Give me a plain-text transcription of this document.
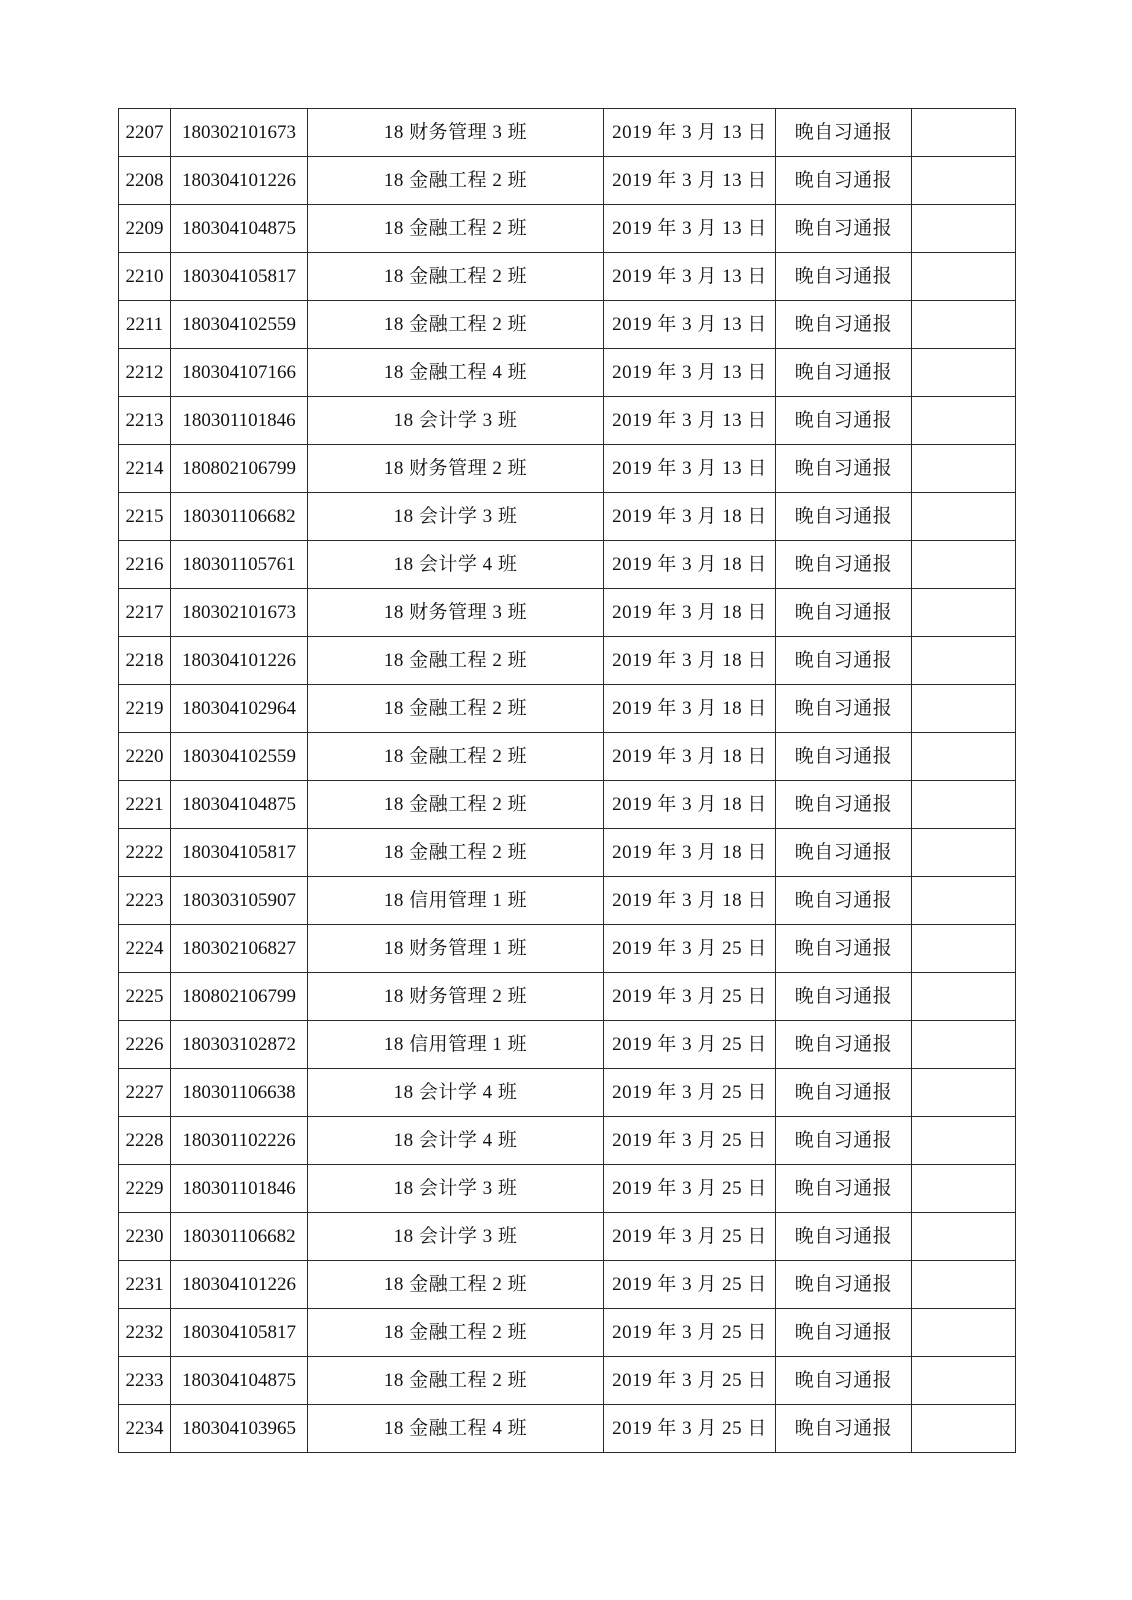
2207	180302101673	18 财务管理 3 班	2019 年 3 月 13 日	晚自习通报	
2208	180304101226	18 金融工程 2 班	2019 年 3 月 13 日	晚自习通报	
2209	180304104875	18 金融工程 2 班	2019 年 3 月 13 日	晚自习通报	
2210	180304105817	18 金融工程 2 班	2019 年 3 月 13 日	晚自习通报	
2211	180304102559	18 金融工程 2 班	2019 年 3 月 13 日	晚自习通报	
2212	180304107166	18 金融工程 4 班	2019 年 3 月 13 日	晚自习通报	
2213	180301101846	18 会计学 3 班	2019 年 3 月 13 日	晚自习通报	
2214	180802106799	18 财务管理 2 班	2019 年 3 月 13 日	晚自习通报	
2215	180301106682	18 会计学 3 班	2019 年 3 月 18 日	晚自习通报	
2216	180301105761	18 会计学 4 班	2019 年 3 月 18 日	晚自习通报	
2217	180302101673	18 财务管理 3 班	2019 年 3 月 18 日	晚自习通报	
2218	180304101226	18 金融工程 2 班	2019 年 3 月 18 日	晚自习通报	
2219	180304102964	18 金融工程 2 班	2019 年 3 月 18 日	晚自习通报	
2220	180304102559	18 金融工程 2 班	2019 年 3 月 18 日	晚自习通报	
2221	180304104875	18 金融工程 2 班	2019 年 3 月 18 日	晚自习通报	
2222	180304105817	18 金融工程 2 班	2019 年 3 月 18 日	晚自习通报	
2223	180303105907	18 信用管理 1 班	2019 年 3 月 18 日	晚自习通报	
2224	180302106827	18 财务管理 1 班	2019 年 3 月 25 日	晚自习通报	
2225	180802106799	18 财务管理 2 班	2019 年 3 月 25 日	晚自习通报	
2226	180303102872	18 信用管理 1 班	2019 年 3 月 25 日	晚自习通报	
2227	180301106638	18 会计学 4 班	2019 年 3 月 25 日	晚自习通报	
2228	180301102226	18 会计学 4 班	2019 年 3 月 25 日	晚自习通报	
2229	180301101846	18 会计学 3 班	2019 年 3 月 25 日	晚自习通报	
2230	180301106682	18 会计学 3 班	2019 年 3 月 25 日	晚自习通报	
2231	180304101226	18 金融工程 2 班	2019 年 3 月 25 日	晚自习通报	
2232	180304105817	18 金融工程 2 班	2019 年 3 月 25 日	晚自习通报	
2233	180304104875	18 金融工程 2 班	2019 年 3 月 25 日	晚自习通报	
2234	180304103965	18 金融工程 4 班	2019 年 3 月 25 日	晚自习通报	
